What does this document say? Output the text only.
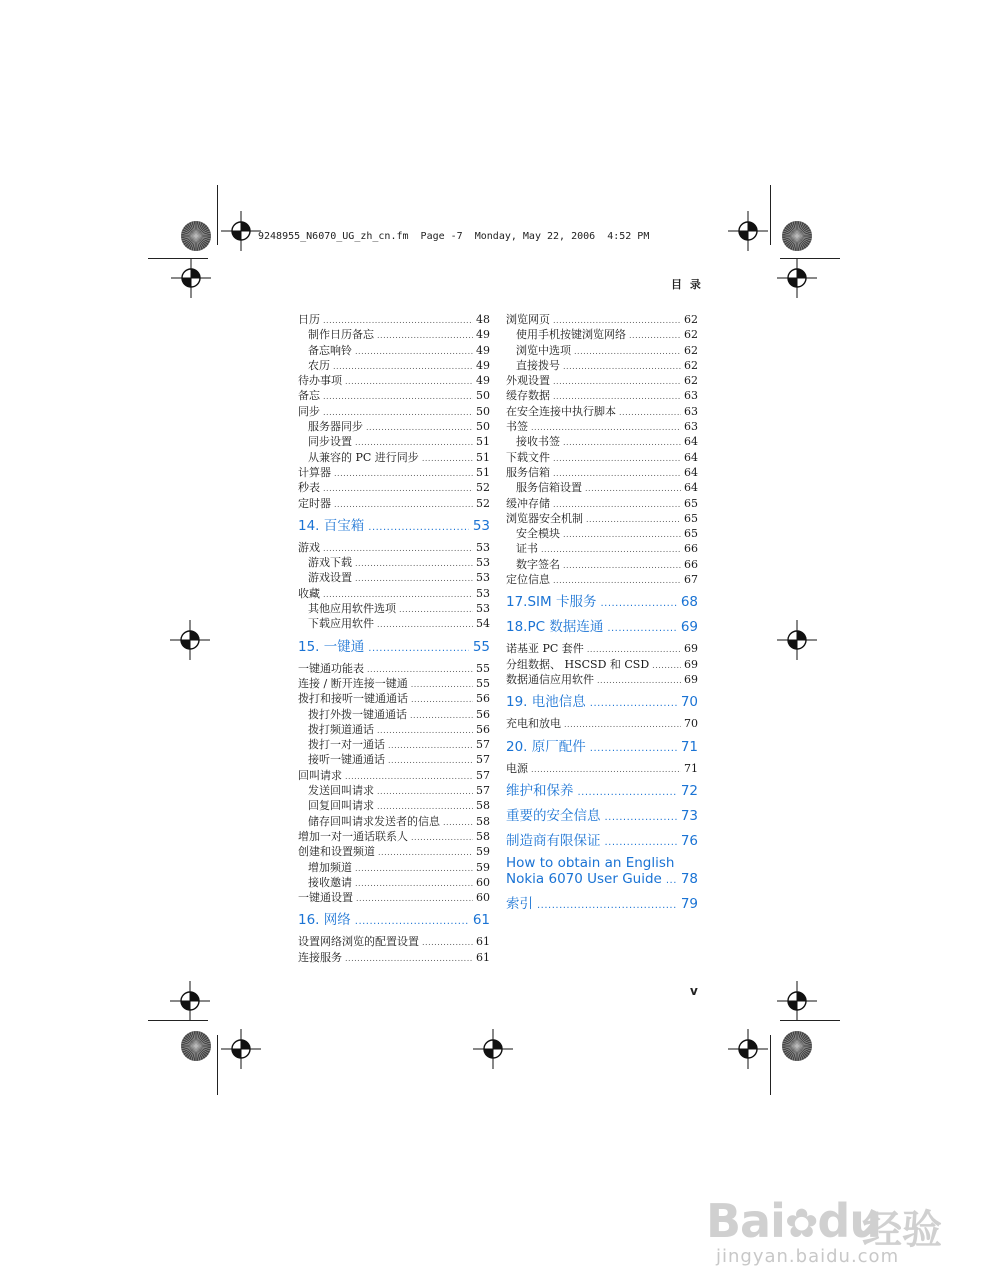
9248955_N6070_UG_zh_cn.fm  Page -7  Monday, May 22, 2006  4:52 PM
目 录
日历 .....	48
制作日历备忘 .....	49
备忘响铃 .....	49
农历 .....	49
待办事项 .....	49
备忘 .....	50
同步 .....	50
服务器同步 .....	50
同步设置 .....	51
从兼容的 PC 进行同步 .....	51
计算器 .....	51
秒表 .....	52
定时器 .....	52
14. 百宝箱 .....	53
游戏 .....	53
游戏下载 .....	53
游戏设置 .....	53
收藏 .....	53
其他应用软件选项 .....	53
下载应用软件 .....	54
15. 一键通 .....	55
一键通功能表 .....	55
连接 / 断开连接一键通 .....	55
拨打和接听一键通通话 .....	56
拨打外拨一键通通话 .....	56
拨打频道通话 .....	56
拨打一对一通话 .....	57
接听一键通通话 .....	57
回叫请求 .....	57
发送回叫请求 .....	57
回复回叫请求 .....	58
储存回叫请求发送者的信息 .....	58
增加一对一通话联系人 .....	58
创建和设置频道 .....	59
增加频道 .....	59
接收邀请 .....	60
一键通设置 .....	60
16. 网络 .....	61
设置网络浏览的配置设置 .....	61
连接服务 .....	61
浏览网页 .....	62
使用手机按键浏览网络 .....	62
浏览中选项 .....	62
直接拨号 .....	62
外观设置 .....	62
缓存数据 .....	63
在安全连接中执行脚本 .....	63
书签 .....	63
接收书签 .....	64
下载文件 .....	64
服务信箱 .....	64
服务信箱设置 .....	64
缓冲存储 .....	65
浏览器安全机制 .....	65
安全模块 .....	65
证书 .....	66
数字签名 .....	66
定位信息 .....	67
17.SIM 卡服务 .....	68
18.PC 数据连通 .....	69
诺基亚 PC 套件 .....	69
分组数据、 HSCSD 和 CSD .....	69
数据通信应用软件 .....	69
19. 电池信息 .....	70
充电和放电 .....	70
20. 原厂配件 .....	71
电源 .....	71
维护和保养 .....	72
重要的安全信息 .....	73
制造商有限保证 .....	76
How to obtain an English
Nokia 6070 User Guide ..... 78
索引 .....	79
v
Bai✿du
经验
jingyan.baidu.com
